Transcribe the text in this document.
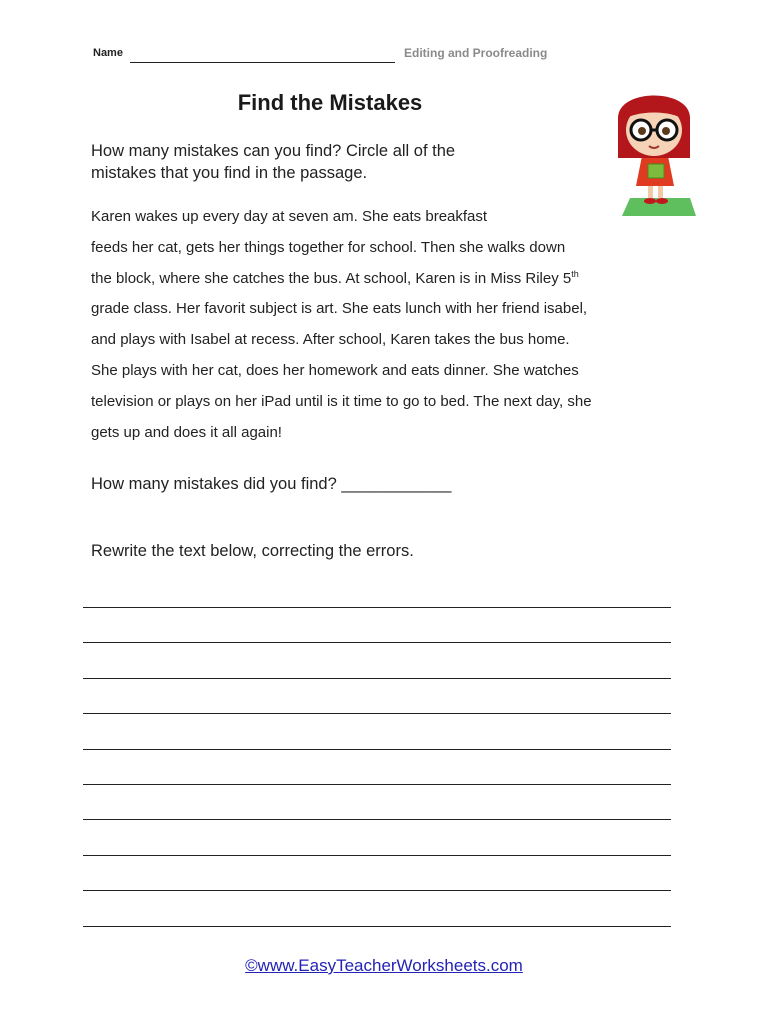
Name	Editing and Proofreading
Find the Mistakes
How many mistakes can you find? Circle all of the
mistakes that you find in the passage.
Karen wakes up every day at seven am. She eats breakfast
feeds her cat, gets her things together for school. Then she walks down
the block, where she catches the bus. At school, Karen is in Miss Riley 5th
grade class. Her favorit subject is art. She eats lunch with her friend isabel,
and plays with Isabel at recess. After school, Karen takes the bus home.
She plays with her cat, does her homework and eats dinner. She watches
television or plays on her iPad until is it time to go to bed. The next day, she
gets up and does it all again!
How many mistakes did you find? ____________
Rewrite the text below, correcting the errors.
©www.EasyTeacherWorksheets.com
